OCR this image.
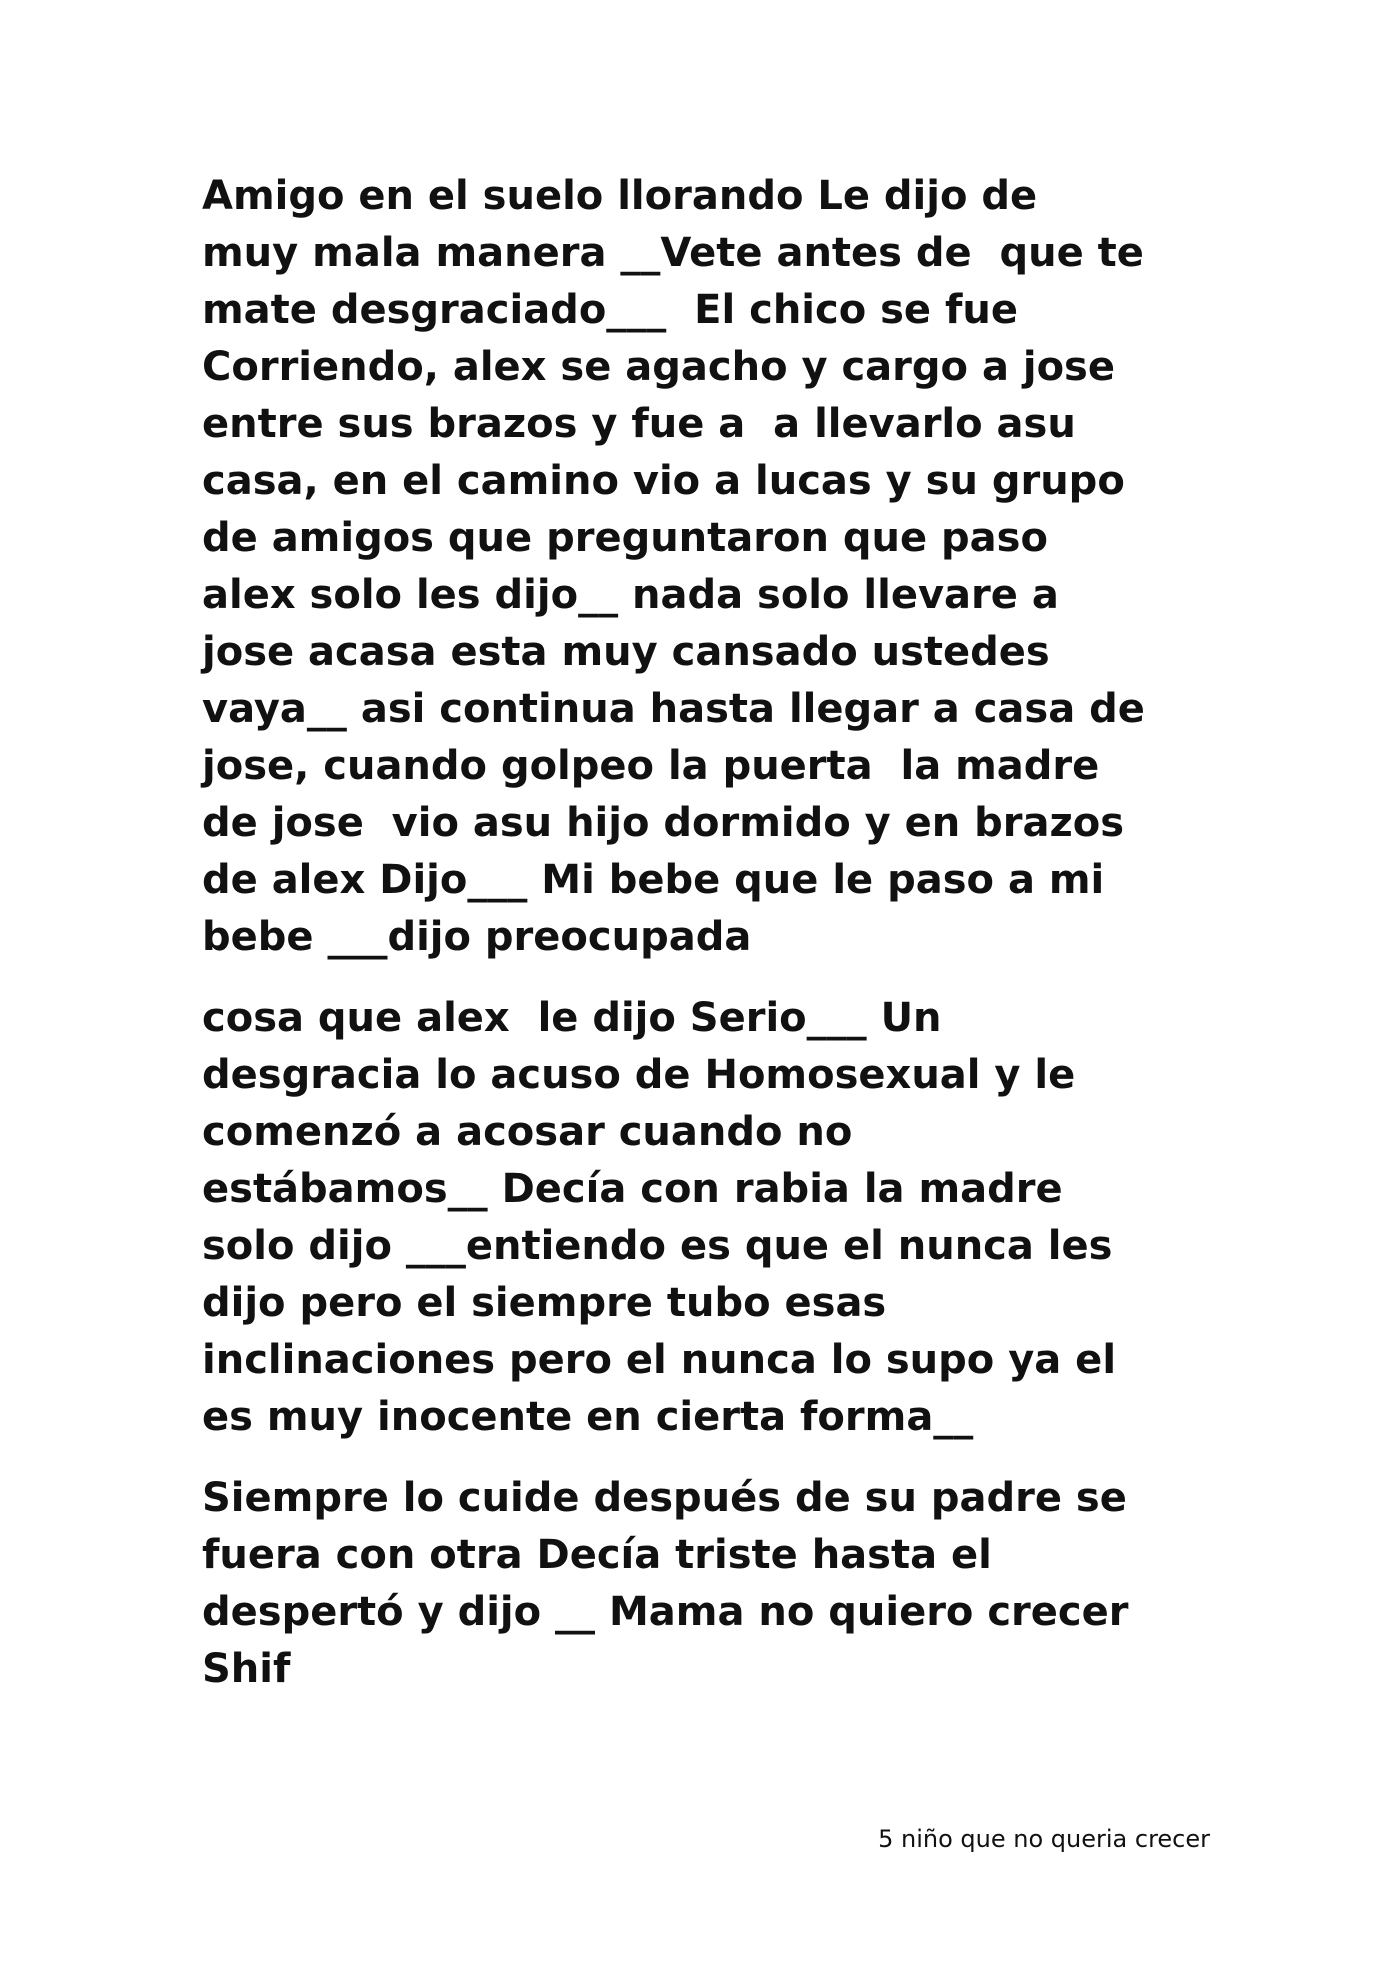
Amigo en el suelo llorando Le dijo de
muy mala manera __Vete antes de  que te
mate desgraciado___  El chico se fue
Corriendo, alex se agacho y cargo a jose
entre sus brazos y fue a  a llevarlo asu
casa, en el camino vio a lucas y su grupo
de amigos que preguntaron que paso
alex solo les dijo__ nada solo llevare a
jose acasa esta muy cansado ustedes
vaya__ asi continua hasta llegar a casa de
jose, cuando golpeo la puerta  la madre
de jose  vio asu hijo dormido y en brazos
de alex Dijo___ Mi bebe que le paso a mi
bebe ___dijo preocupada

cosa que alex  le dijo Serio___ Un
desgracia lo acuso de Homosexual y le
comenzó a acosar cuando no
estábamos__ Decía con rabia la madre
solo dijo ___entiendo es que el nunca les
dijo pero el siempre tubo esas
inclinaciones pero el nunca lo supo ya el
es muy inocente en cierta forma__

Siempre lo cuide después de su padre se
fuera con otra Decía triste hasta el
despertó y dijo __ Mama no quiero crecer
Shif

5 niño que no queria crecer
